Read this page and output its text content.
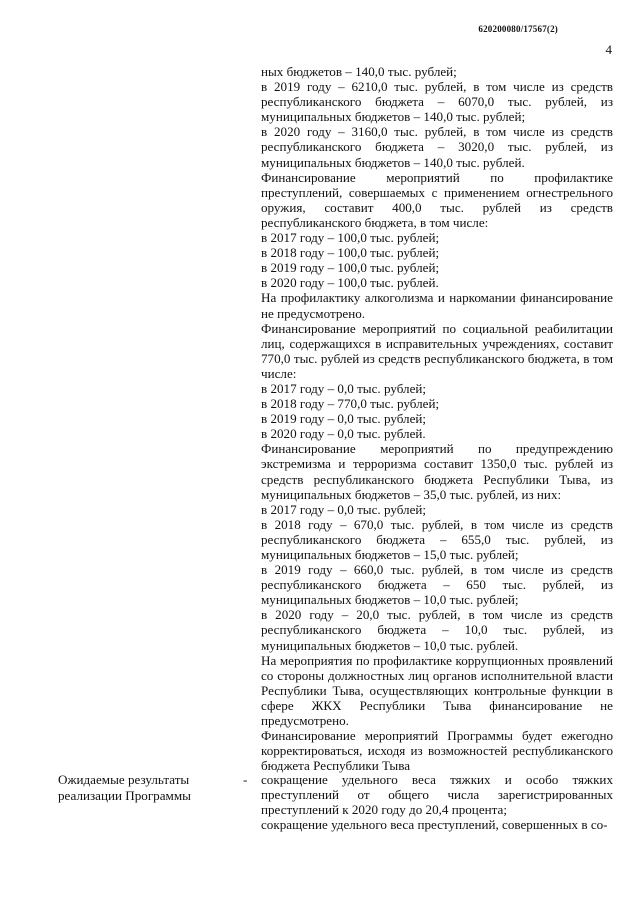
620200080/17567(2)
4

ных бюджетов – 140,0 тыс. рублей;

в 2019 году – 6210,0 тыс. рублей, в том числе из средств республиканского бюджета – 6070,0 тыс. рублей, из муниципальных бюджетов – 140,0 тыс. рублей;

в 2020 году – 3160,0 тыс. рублей, в том числе из средств республиканского бюджета – 3020,0 тыс. рублей, из муниципальных бюджетов – 140,0 тыс. рублей.

Финансирование мероприятий по профилактике преступлений, совершаемых с применением огнестрельного оружия, составит 400,0 тыс. рублей из средств республиканского бюджета, в том числе:

в 2017 году – 100,0 тыс. рублей;

в 2018 году – 100,0 тыс. рублей;

в 2019 году – 100,0 тыс. рублей;

в 2020 году – 100,0 тыс. рублей.

На профилактику алкоголизма и наркомании финансирование не предусмотрено.

Финансирование мероприятий по социальной реабилитации лиц, содержащихся в исправительных учреждениях, составит 770,0 тыс. рублей из средств республиканского бюджета, в том числе:

в 2017 году – 0,0 тыс. рублей;

в 2018 году – 770,0 тыс. рублей;

в 2019 году – 0,0 тыс. рублей;

в 2020 году – 0,0 тыс. рублей.

Финансирование мероприятий по предупреждению экстремизма и терроризма составит 1350,0 тыс. рублей из средств республиканского бюджета Республики Тыва, из муниципальных бюджетов – 35,0 тыс. рублей, из них:

в 2017 году – 0,0 тыс. рублей;

в 2018 году – 670,0 тыс. рублей, в том числе из средств республиканского бюджета – 655,0 тыс. рублей, из муниципальных бюджетов – 15,0 тыс. рублей;

в 2019 году – 660,0 тыс. рублей, в том числе из средств республиканского бюджета – 650 тыс. рублей, из муниципальных бюджетов – 10,0 тыс. рублей;

в 2020 году – 20,0 тыс. рублей, в том числе из средств республиканского бюджета – 10,0 тыс. рублей, из муниципальных бюджетов – 10,0 тыс. рублей.

На мероприятия по профилактике коррупционных проявлений со стороны должностных лиц органов исполнительной власти Республики Тыва, осуществляющих контрольные функции в сфере ЖКХ Республики Тыва финансирование не предусмотрено.

Финансирование мероприятий Программы будет ежегодно корректироваться, исходя из возможностей республиканского бюджета Республики Тыва

Ожидаемые результаты реализации Программы
- сокращение удельного веса тяжких и особо тяжких преступлений от общего числа зарегистрированных преступлений к 2020 году до 20,4 процента;

сокращение удельного веса преступлений, совершенных в со-
